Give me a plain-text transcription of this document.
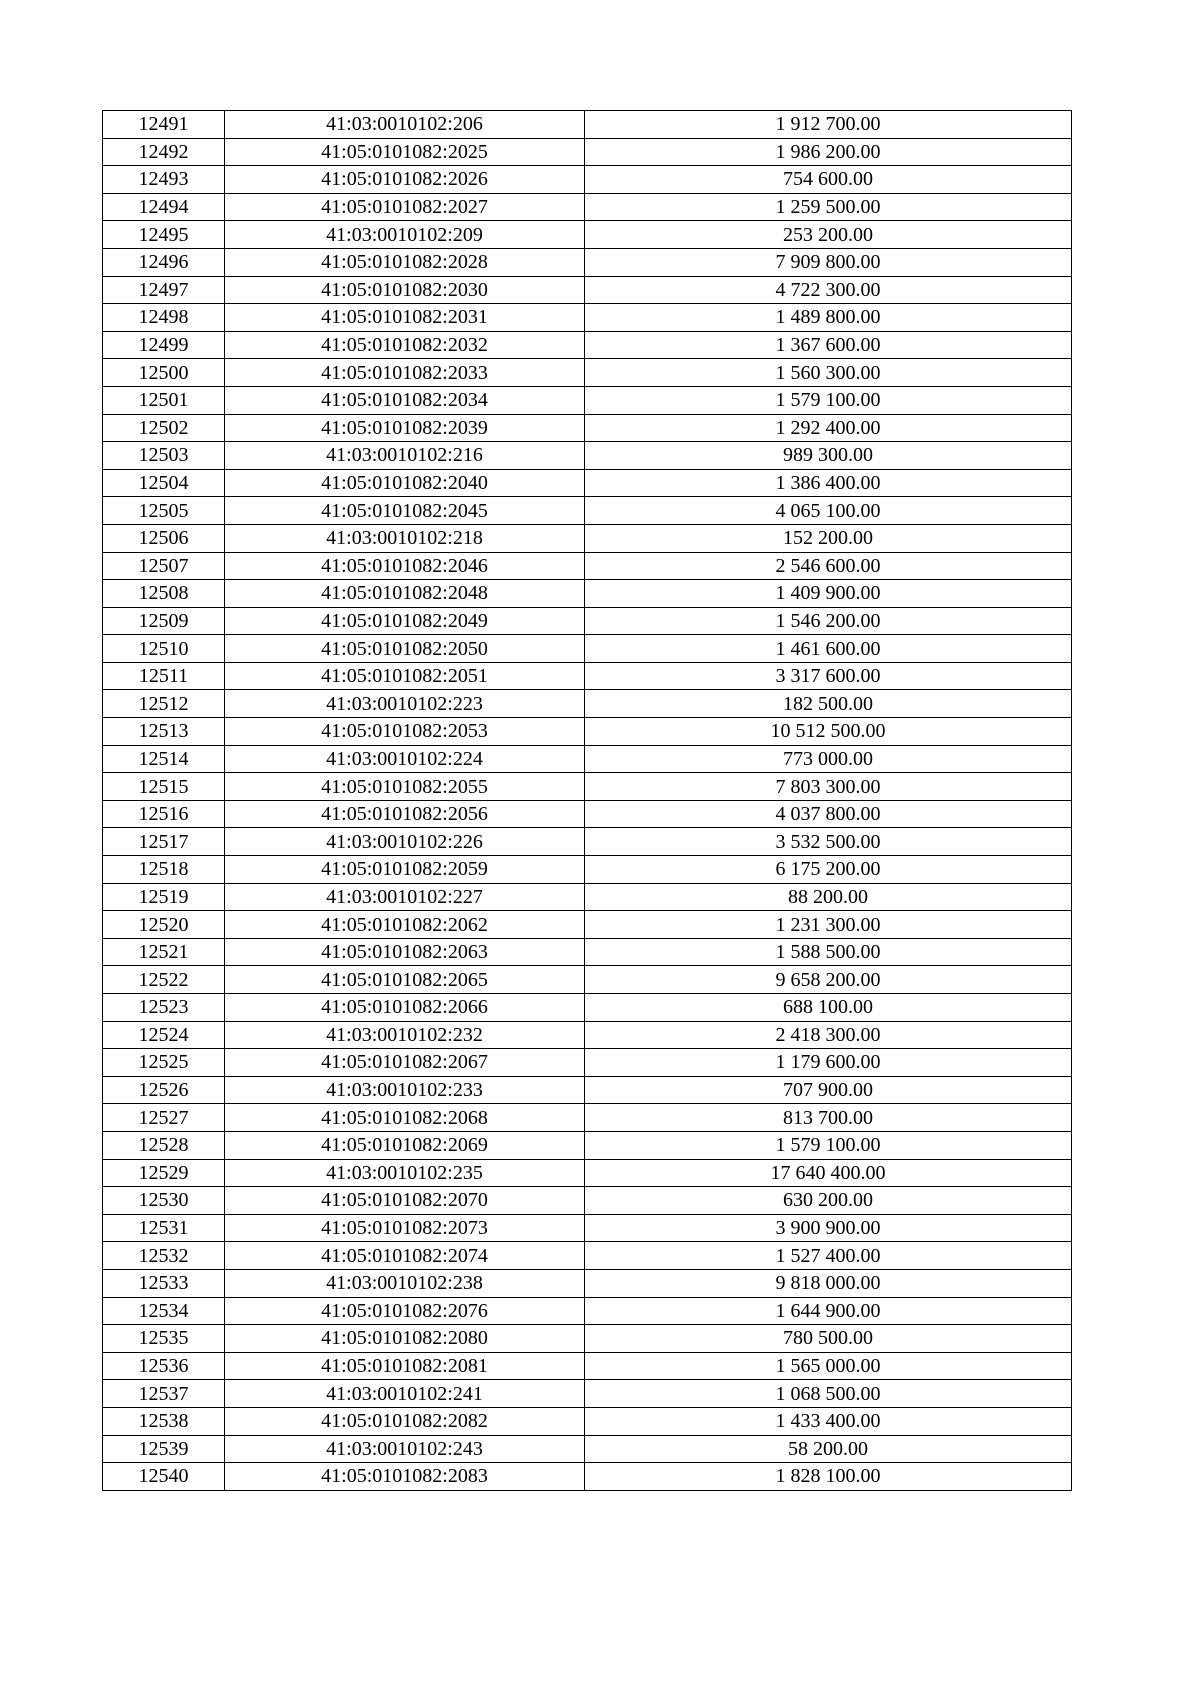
12491	41:03:0010102:206	1 912 700.00
12492	41:05:0101082:2025	1 986 200.00
12493	41:05:0101082:2026	754 600.00
12494	41:05:0101082:2027	1 259 500.00
12495	41:03:0010102:209	253 200.00
12496	41:05:0101082:2028	7 909 800.00
12497	41:05:0101082:2030	4 722 300.00
12498	41:05:0101082:2031	1 489 800.00
12499	41:05:0101082:2032	1 367 600.00
12500	41:05:0101082:2033	1 560 300.00
12501	41:05:0101082:2034	1 579 100.00
12502	41:05:0101082:2039	1 292 400.00
12503	41:03:0010102:216	989 300.00
12504	41:05:0101082:2040	1 386 400.00
12505	41:05:0101082:2045	4 065 100.00
12506	41:03:0010102:218	152 200.00
12507	41:05:0101082:2046	2 546 600.00
12508	41:05:0101082:2048	1 409 900.00
12509	41:05:0101082:2049	1 546 200.00
12510	41:05:0101082:2050	1 461 600.00
12511	41:05:0101082:2051	3 317 600.00
12512	41:03:0010102:223	182 500.00
12513	41:05:0101082:2053	10 512 500.00
12514	41:03:0010102:224	773 000.00
12515	41:05:0101082:2055	7 803 300.00
12516	41:05:0101082:2056	4 037 800.00
12517	41:03:0010102:226	3 532 500.00
12518	41:05:0101082:2059	6 175 200.00
12519	41:03:0010102:227	88 200.00
12520	41:05:0101082:2062	1 231 300.00
12521	41:05:0101082:2063	1 588 500.00
12522	41:05:0101082:2065	9 658 200.00
12523	41:05:0101082:2066	688 100.00
12524	41:03:0010102:232	2 418 300.00
12525	41:05:0101082:2067	1 179 600.00
12526	41:03:0010102:233	707 900.00
12527	41:05:0101082:2068	813 700.00
12528	41:05:0101082:2069	1 579 100.00
12529	41:03:0010102:235	17 640 400.00
12530	41:05:0101082:2070	630 200.00
12531	41:05:0101082:2073	3 900 900.00
12532	41:05:0101082:2074	1 527 400.00
12533	41:03:0010102:238	9 818 000.00
12534	41:05:0101082:2076	1 644 900.00
12535	41:05:0101082:2080	780 500.00
12536	41:05:0101082:2081	1 565 000.00
12537	41:03:0010102:241	1 068 500.00
12538	41:05:0101082:2082	1 433 400.00
12539	41:03:0010102:243	58 200.00
12540	41:05:0101082:2083	1 828 100.00
